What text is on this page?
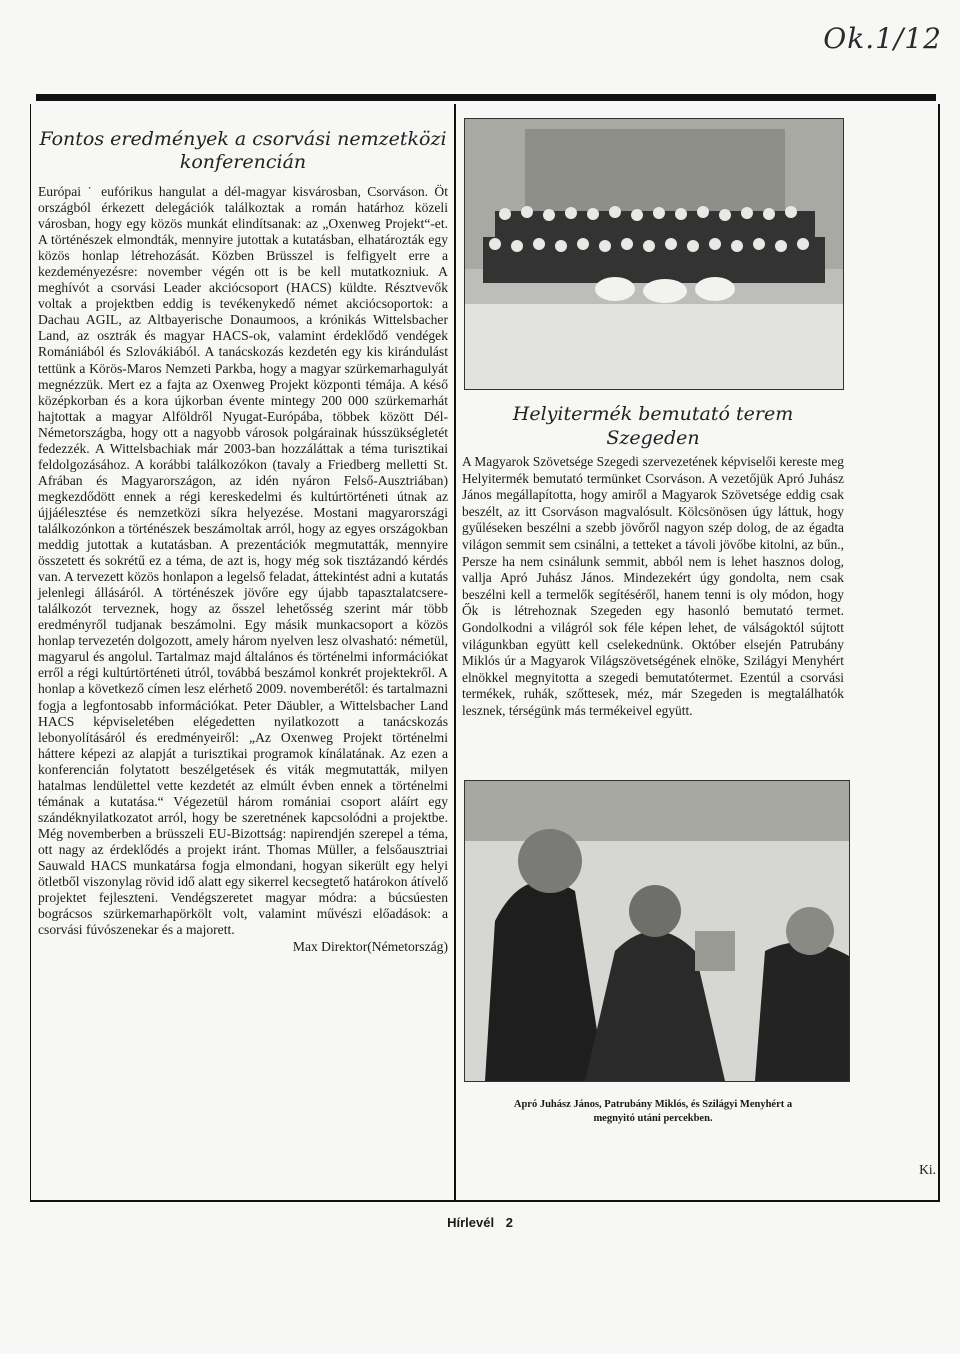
Ok.1/12
Fontos eredmények a csorvási nemzetközi
konferencián

Európai ˙ eufórikus hangulat a dél-magyar kisvárosban, Csorváson. Öt országból érkezett delegációk találkoztak a román határhoz közeli városban, hogy egy közös munkát elindítsanak: az „Oxenweg Projekt“-et. A történészek elmondták, mennyire jutottak a kutatásban, elhatározták egy közös honlap létrehozását. Közben Brüsszel is felfigyelt erre a kezdeményezésre: november végén ott is be kell mutatkozniuk. A meghívót a csorvási Leader akciócsoport (HACS) küldte. Résztvevők voltak a projektben eddig is tevékenykedő német akciócsoportok: a Dachau AGIL, az Altbayerische Donaumoos, a krónikás Wittelsbacher Land, az osztrák és magyar HACS-ok, valamint érdeklődő vendégek Romániából és Szlovákiából. A tanácskozás kezdetén egy kis kirándulást tettünk a Körös-Maros Nemzeti Parkba, hogy a magyar szürkemarhagulyát megnézzük. Mert ez a fajta az Oxenweg Projekt központi témája. A késő középkorban és a kora újkorban évente mintegy 200 000 szürkemarhát hajtottak a magyar Alföldről Nyugat-Európába, többek között Dél-Németországba, hogy ott a nagyobb városok polgárainak hússzükségletét fedezzék. A Wittelsbachiak már 2003-ban hozzáláttak a téma turisztikai feldolgozásához. A korábbi találkozókon (tavaly a Friedberg melletti St. Afrában és Magyarországon, az idén nyáron Felső-Ausztriában) megkezdődött ennek a régi kereskedelmi és kultúrtörténeti útnak az újjáélesztése és nemzetközi síkra helyezése. Mostani magyarországi találkozónkon a történészek beszámoltak arról, hogy az egyes országokban meddig jutottak a kutatásban. A prezentációk megmutatták, mennyire összetett és sokrétű ez a téma, de azt is, hogy még sok tisztázandó kérdés van. A tervezett közös honlapon a legelső feladat, áttekintést adni a kutatás jelenlegi állásáról. A történészek jövőre egy újabb tapasztalatcsere-találkozót terveznek, hogy az ősszel lehetősség szerint már több eredményről tudjanak beszámolni. Egy másik munkacsoport a közös honlap tervezetén dolgozott, amely három nyelven lesz olvasható: németül, magyarul és angolul. Tartalmaz majd általános és történelmi információkat erről a régi kultúrtörténeti útról, továbbá beszámol konkrét projektekről. A honlap a következő címen lesz elérhető 2009. novemberétől: és tartalmazni fogja a legfontosabb információkat. Peter Däubler, a Wittelsbacher Land HACS képviseletében elégedetten nyilatkozott a tanácskozás lebonyolításáról és eredményeiről: „Az Oxenweg Projekt történelmi háttere képezi az alapját a turisztikai programok kínálatának. Az ezen a konferencián folytatott beszélgetések és viták megmutatták, milyen hatalmas lendülettel vette kezdetét az elmúlt évben ennek a történelmi témának a kutatása.“ Végezetül három romániai csoport aláírt egy szándéknyilatkozatot arról, hogy be szeretnének kapcsolódni a projektbe. Még novemberben a brüsszeli EU-Bizottság: napirendjén szerepel a téma, ott nagy az érdeklődés a projekt iránt. Thomas Müller, a felsőausztriai Sauwald HACS munkatársa fogja elmondani, hogyan sikerült egy helyi ötletből viszonylag rövid idő alatt egy sikerrel kecsegtető határokon átívelő projektet fejleszteni. Vendégszeretet magyar módra: a búcsúesten bográcsos szürkemarhapörkölt volt, valamint művészi előadások: a csorvási fúvószenekar és a majorett.

Max Direktor(Németország)
Helyitermék bemutató terem
Szegeden

A Magyarok Szövetsége Szegedi szervezetének képviselői kereste meg Helyitermék bemutató termünket Csorváson. A vezetőjük Apró Juhász János megállapította, hogy amiről a Magyarok Szövetsége eddig csak beszélt, az itt Csorváson magvalósult. Kölcsönösen úgy láttuk, hogy gyűléseken beszélni a szebb jövőről nagyon szép dolog, de az égadta világon semmit sem csinálni, a tetteket a távoli jövőbe kitolni, az bűn., Persze ha nem csinálunk semmit, abból nem is lehet hasznos dolog, vallja Apró Juhász János. Mindezekért úgy gondolta, nem csak beszélni kell a termelők segítéséről, hanem tenni is oly módon, hogy Ők is létrehoznak Szegeden egy hasonló bemutató termet. Gondolkodni a világról sok féle képen lehet, de válságoktól sújtott világunkban együtt kell cselekednünk. Október elsején Patrubány Miklós úr a Magyarok Világszövetségének elnöke, Szilágyi Menyhért elnökkel megnyitotta a szegedi bemutatótermet. Ezentúl a csorvási termékek, ruhák, szőttesek, méz, már Szegeden is megtalálhatók lesznek, térségünk más termékeivel együtt.

Apró Juhász János, Patrubány Miklós, és Szilágyi Menyhért a
megnyitó utáni percekben.
Ki.
Hírlevél 2
